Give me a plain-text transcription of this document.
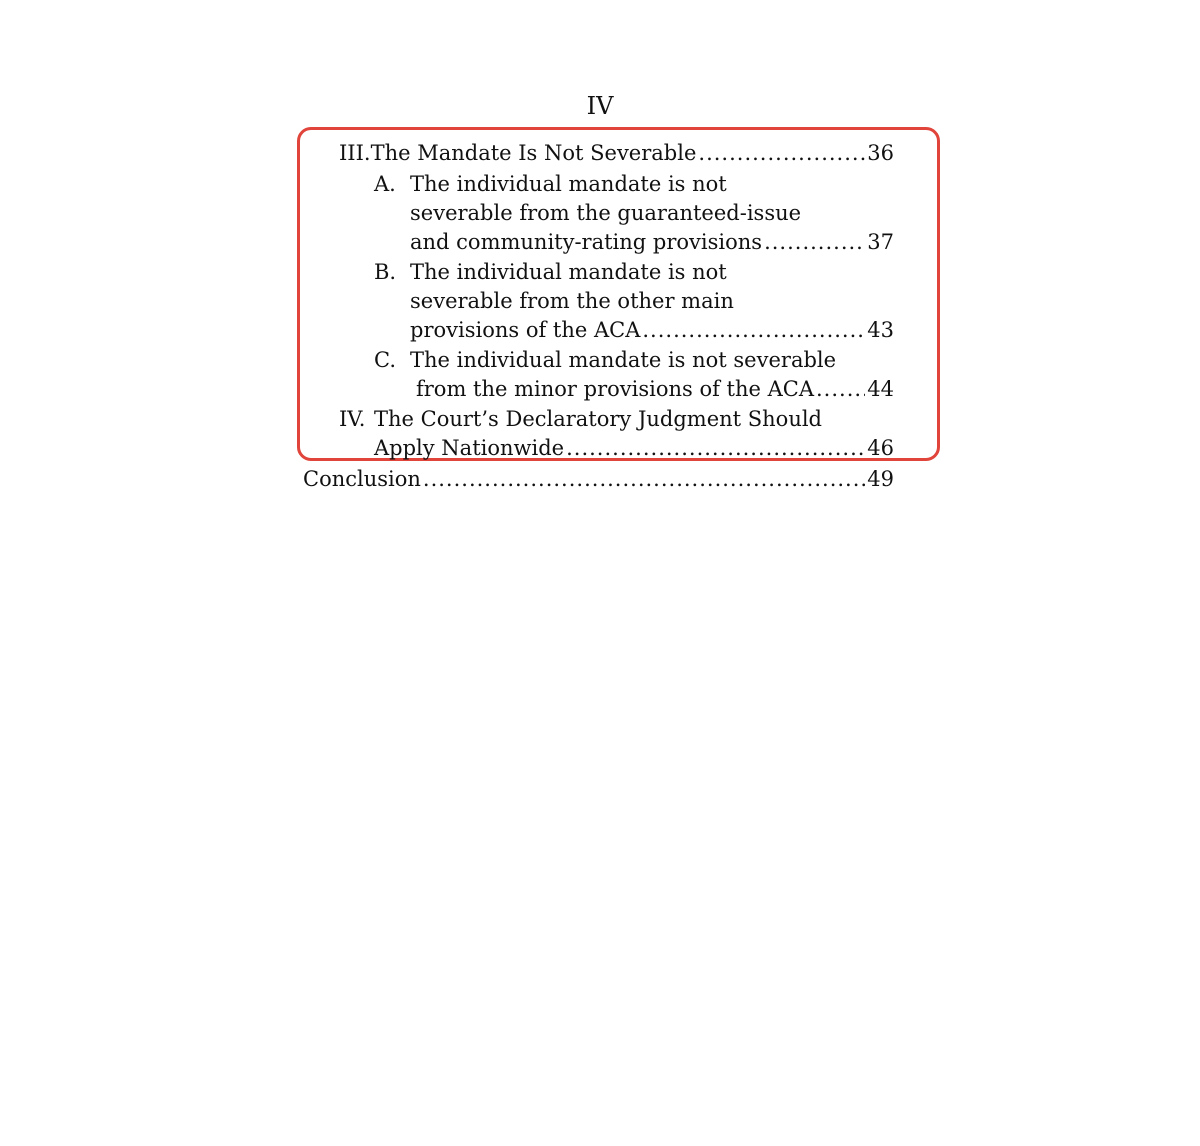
IV
III. The Mandate Is Not Severable .....	36
A. The individual mandate is not
severable from the guaranteed-issue
and community-rating provisions .....	37
B. The individual mandate is not
severable from the other main
provisions of the ACA .....	43
C. The individual mandate is not severable
from the minor provisions of the ACA .....	44
IV. The Court’s Declaratory Judgment Should
Apply Nationwide .....	46
Conclusion .....	49
